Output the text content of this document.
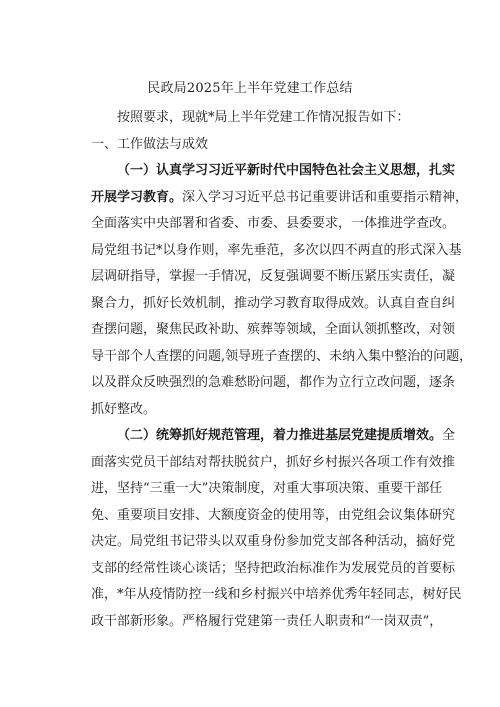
民政局2025年上半年党建工作总结
按照要求，现就*局上半年党建工作情况报告如下：
一、工作做法与成效
（一）认真学习习近平新时代中国特色社会主义思想，扎实
开展学习教育。深入学习习近平总书记重要讲话和重要指示精神，
全面落实中央部署和省委、市委、县委要求，一体推进学查改。
局党组书记*以身作则，率先垂范，多次以四不两直的形式深入基
层调研指导，掌握一手情况，反复强调要不断压紧压实责任，凝
聚合力，抓好长效机制，推动学习教育取得成效。认真自查自纠
查摆问题，聚焦民政补助、殡葬等领域，全面认领抓整改，对领
导干部个人查摆的问题,领导班子查摆的、未纳入集中整治的问题，
以及群众反映强烈的急难愁盼问题，都作为立行立改问题，逐条
抓好整改。
（二）统筹抓好规范管理，着力推进基层党建提质增效。全
面落实党员干部结对帮扶脱贫户，抓好乡村振兴各项工作有效推
进，坚持“三重一大”决策制度，对重大事项决策、重要干部任
免、重要项目安排、大额度资金的使用等，由党组会议集体研究
决定。局党组书记带头以双重身份参加党支部各种活动，搞好党
支部的经常性谈心谈话；坚持把政治标准作为发展党员的首要标
准，*年从疫情防控一线和乡村振兴中培养优秀年轻同志，树好民
政干部新形象。严格履行党建第一责任人职责和“一岗双责”，
